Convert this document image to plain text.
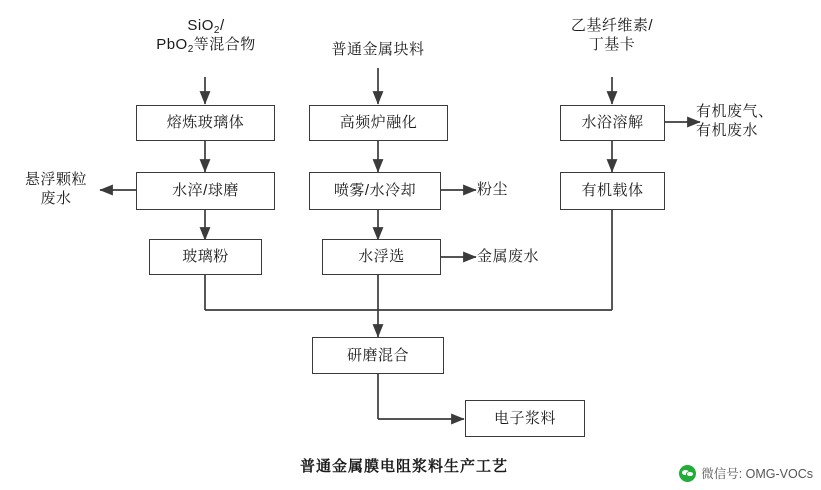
SiO$_2$/
PbO$_2$等混合物	普通金属块料
乙基纤维素/
丁基卡
熔炼玻璃体	高频炉融化	水浴溶解
水淬/球磨	喷雾/水冷却	有机载体
玻璃粉	水浮选
研磨混合
电子浆料
悬浮颗粒
废水
有机废气、
有机废水
粉尘
金属废水
普通金属膜电阻浆料生产工艺	微信号: OMG-VOCs
